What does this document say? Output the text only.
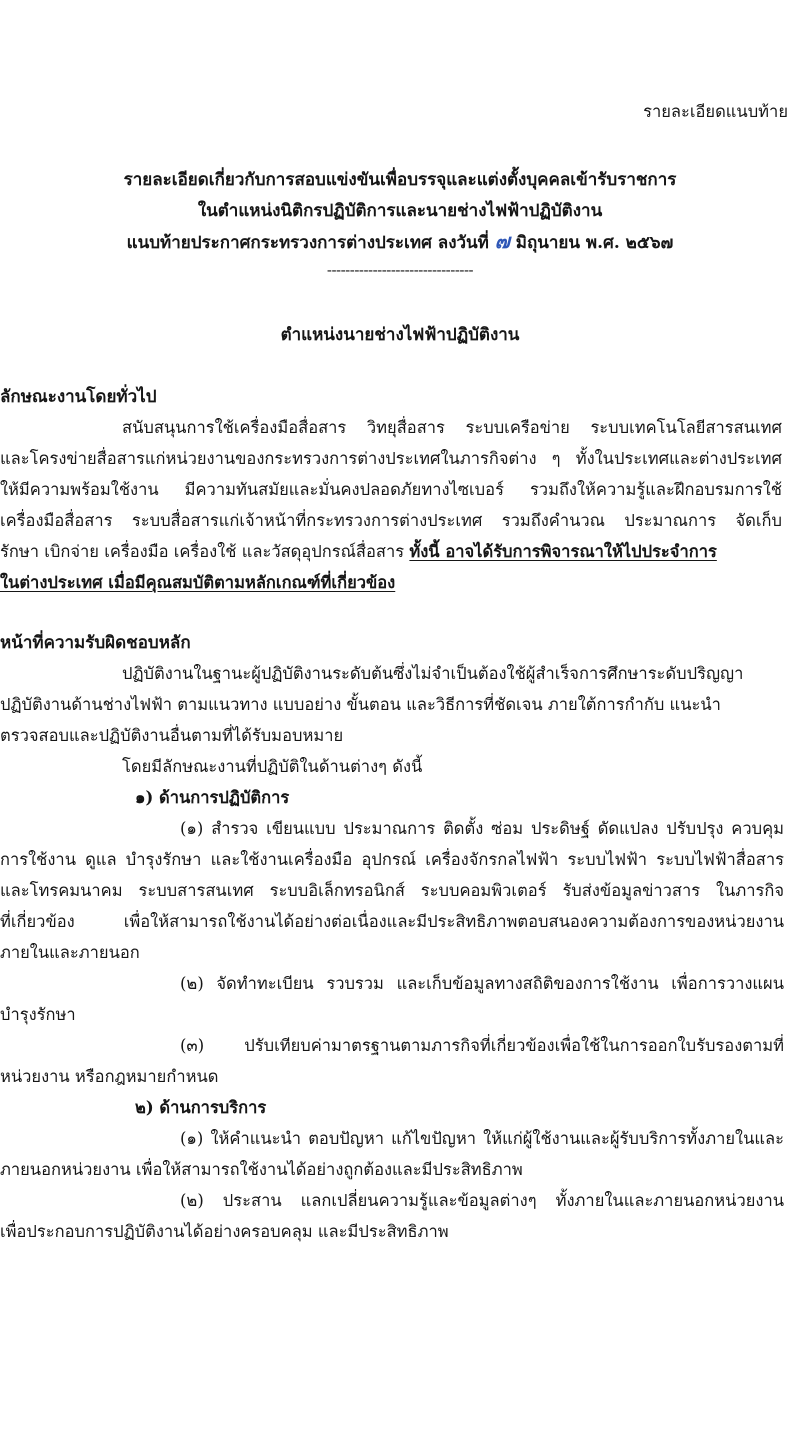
รายละเอียดแนบท้าย
รายละเอียดเกี่ยวกับการสอบแข่งขันเพื่อบรรจุและแต่งตั้งบุคคลเข้ารับราชการ
ในตำแหน่งนิติกรปฏิบัติการและนายช่างไฟฟ้าปฏิบัติงาน
แนบท้ายประกาศกระทรวงการต่างประเทศ ลงวันที่ ๗ มิถุนายน พ.ศ. ๒๕๖๗
--------------------------------
ตำแหน่งนายช่างไฟฟ้าปฏิบัติงาน
ลักษณะงานโดยทั่วไป
สนับสนุนการใช้เครื่องมือสื่อสาร วิทยุสื่อสาร ระบบเครือข่าย ระบบเทคโนโลยีสารสนเทศ
และโครงข่ายสื่อสารแก่หน่วยงานของกระทรวงการต่างประเทศในภารกิจต่าง ๆ ทั้งในประเทศและต่างประเทศ
ให้มีความพร้อมใช้งาน มีความทันสมัยและมั่นคงปลอดภัยทางไซเบอร์ รวมถึงให้ความรู้และฝึกอบรมการใช้
เครื่องมือสื่อสาร ระบบสื่อสารแก่เจ้าหน้าที่กระทรวงการต่างประเทศ รวมถึงคำนวณ ประมาณการ จัดเก็บ
รักษา เบิกจ่าย เครื่องมือ เครื่องใช้ และวัสดุอุปกรณ์สื่อสาร ทั้งนี้ อาจได้รับการพิจารณาให้ไปประจำการ
ในต่างประเทศ เมื่อมีคุณสมบัติตามหลักเกณฑ์ที่เกี่ยวข้อง
หน้าที่ความรับผิดชอบหลัก
ปฏิบัติงานในฐานะผู้ปฏิบัติงานระดับต้นซึ่งไม่จำเป็นต้องใช้ผู้สำเร็จการศึกษาระดับปริญญา
ปฏิบัติงานด้านช่างไฟฟ้า ตามแนวทาง แบบอย่าง ขั้นตอน และวิธีการที่ชัดเจน ภายใต้การกำกับ แนะนำ
ตรวจสอบและปฏิบัติงานอื่นตามที่ได้รับมอบหมาย
โดยมีลักษณะงานที่ปฏิบัติในด้านต่างๆ ดังนี้
๑) ด้านการปฏิบัติการ
(๑) สำรวจ เขียนแบบ ประมาณการ ติดตั้ง ซ่อม ประดิษฐ์ ดัดแปลง ปรับปรุง ควบคุม
การใช้งาน ดูแล บำรุงรักษา และใช้งานเครื่องมือ อุปกรณ์ เครื่องจักรกลไฟฟ้า ระบบไฟฟ้า ระบบไฟฟ้าสื่อสาร
และโทรคมนาคม ระบบสารสนเทศ ระบบอิเล็กทรอนิกส์ ระบบคอมพิวเตอร์ รับส่งข้อมูลข่าวสาร ในภารกิจ
ที่เกี่ยวข้อง เพื่อให้สามารถใช้งานได้อย่างต่อเนื่องและมีประสิทธิภาพตอบสนองความต้องการของหน่วยงาน
ภายในและภายนอก
(๒) จัดทำทะเบียน รวบรวม และเก็บข้อมูลทางสถิติของการใช้งาน เพื่อการวางแผน
บำรุงรักษา
(๓) ปรับเทียบค่ามาตรฐานตามภารกิจที่เกี่ยวข้องเพื่อใช้ในการออกใบรับรองตามที่
หน่วยงาน หรือกฎหมายกำหนด
๒) ด้านการบริการ
(๑) ให้คำแนะนำ ตอบปัญหา แก้ไขปัญหา ให้แก่ผู้ใช้งานและผู้รับบริการทั้งภายในและ
ภายนอกหน่วยงาน เพื่อให้สามารถใช้งานได้อย่างถูกต้องและมีประสิทธิภาพ
(๒) ประสาน แลกเปลี่ยนความรู้และข้อมูลต่างๆ ทั้งภายในและภายนอกหน่วยงาน
เพื่อประกอบการปฏิบัติงานได้อย่างครอบคลุม และมีประสิทธิภาพ
